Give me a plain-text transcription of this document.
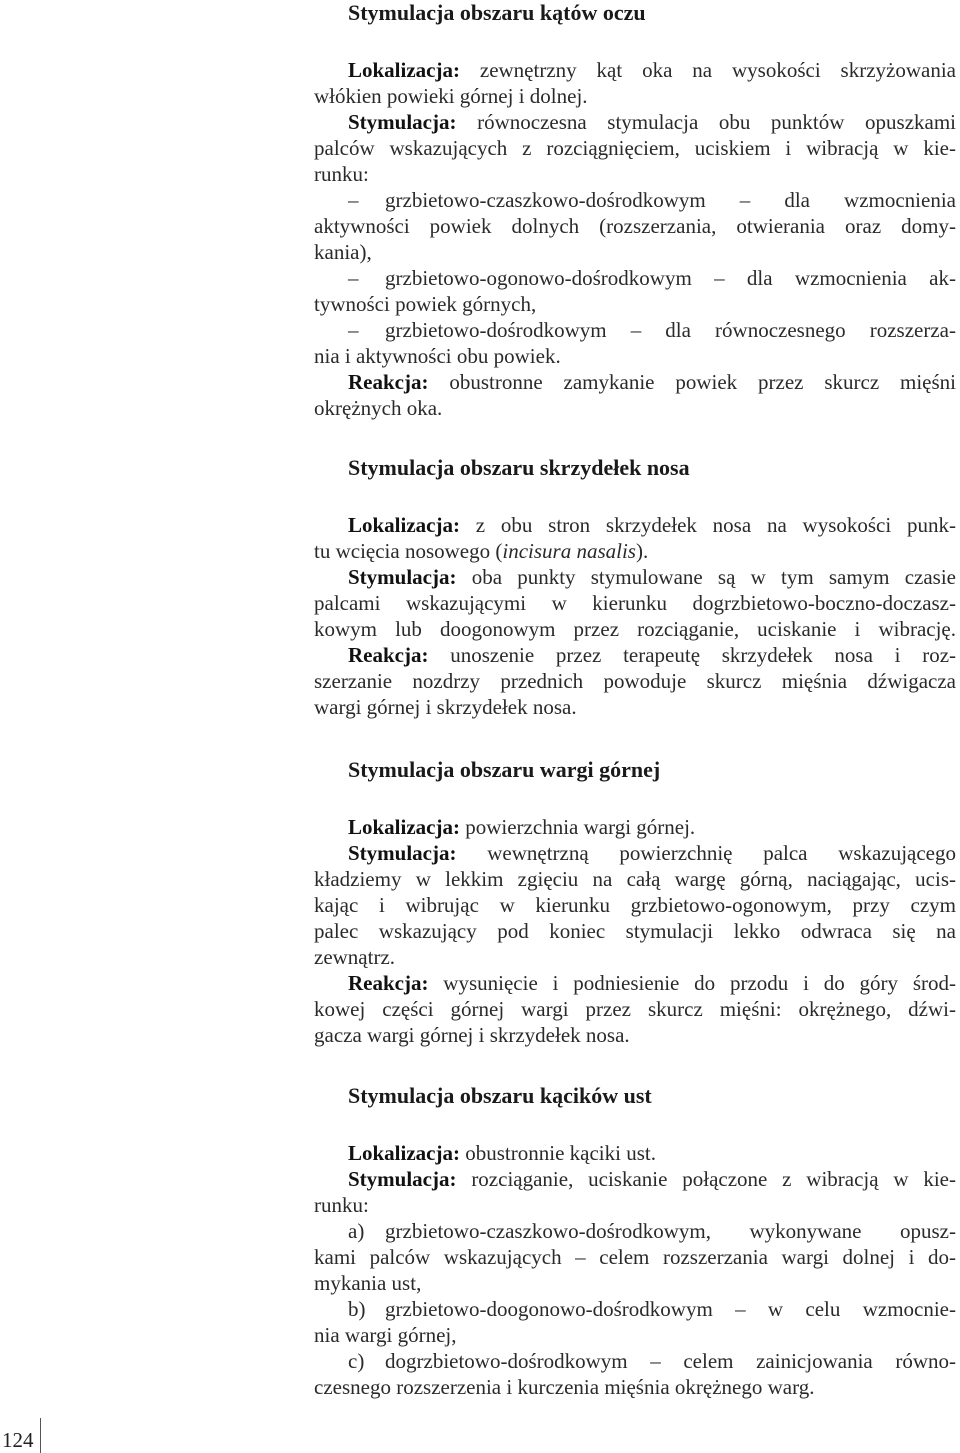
Stymulacja obszaru kątów oczu
Lokalizacja: zewnętrzny kąt oka na wysokości skrzyżowania
włókien powieki górnej i dolnej.
Stymulacja: równoczesna stymulacja obu punktów opuszkami
palców wskazujących z rozciągnięciem, uciskiem i wibracją w kie-
runku:
– grzbietowo-czaszkowo-dośrodkowym – dla wzmocnienia
aktywności powiek dolnych (rozszerzania, otwierania oraz domy-
kania),
– grzbietowo-ogonowo-dośrodkowym – dla wzmocnienia ak-
tywności powiek górnych,
– grzbietowo-dośrodkowym – dla równoczesnego rozszerza-
nia i aktywności obu powiek.
Reakcja: obustronne zamykanie powiek przez skurcz mięśni
okrężnych oka.
Stymulacja obszaru skrzydełek nosa
Lokalizacja: z obu stron skrzydełek nosa na wysokości punk-
tu wcięcia nosowego (incisura nasalis).
Stymulacja: oba punkty stymulowane są w tym samym czasie
palcami wskazującymi w kierunku dogrzbietowo-boczno-doczasz-
kowym lub doogonowym przez rozciąganie, uciskanie i wibrację.
Reakcja: unoszenie przez terapeutę skrzydełek nosa i roz-
szerzanie nozdrzy przednich powoduje skurcz mięśnia dźwigacza
wargi górnej i skrzydełek nosa.
Stymulacja obszaru wargi górnej
Lokalizacja: powierzchnia wargi górnej.
Stymulacja: wewnętrzną powierzchnię palca wskazującego
kładziemy w lekkim zgięciu na całą wargę górną, naciągając, ucis-
kając i wibrując w kierunku grzbietowo-ogonowym, przy czym
palec wskazujący pod koniec stymulacji lekko odwraca się na
zewnątrz.
Reakcja: wysunięcie i podniesienie do przodu i do góry środ-
kowej części górnej wargi przez skurcz mięśni: okrężnego, dźwi-
gacza wargi górnej i skrzydełek nosa.
Stymulacja obszaru kącików ust
Lokalizacja: obustronnie kąciki ust.
Stymulacja: rozciąganie, uciskanie połączone z wibracją w kie-
runku:
a) grzbietowo-czaszkowo-dośrodkowym, wykonywane opusz-
kami palców wskazujących – celem rozszerzania wargi dolnej i do-
mykania ust,
b) grzbietowo-doogonowo-dośrodkowym – w celu wzmocnie-
nia wargi górnej,
c) dogrzbietowo-dośrodkowym – celem zainicjowania równo-
czesnego rozszerzenia i kurczenia mięśnia okrężnego warg.
124
